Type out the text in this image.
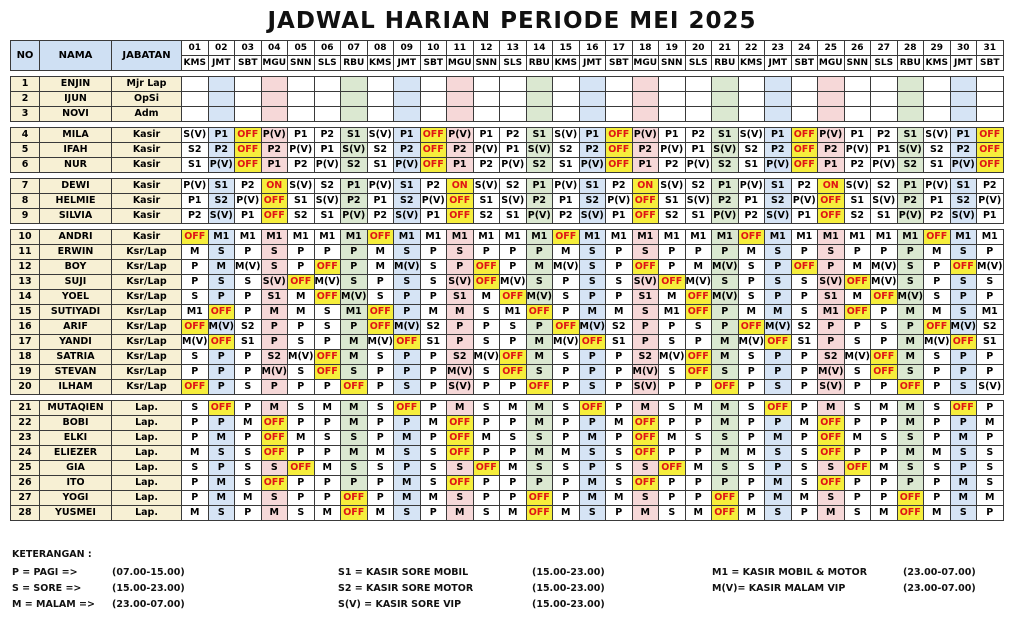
JADWAL HARIAN PERIODE MEI 2025
NO	NAMA	JABATAN	01	02	03	04	05	06	07	08	09	10	11	12	13	14	15	16	17	18	19	20	21	22	23	24	25	26	27	28	29	30	31
			KMS	JMT	SBT	MGU	SNN	SLS	RBU	KMS	JMT	SBT	MGU	SNN	SLS	RBU	KMS	JMT	SBT	MGU	SNN	SLS	RBU	KMS	JMT	SBT	MGU	SNN	SLS	RBU	KMS	JMT	SBT

1	ENJIN	Mjr Lap																															
2	IJUN	OpSi																															
3	NOVI	Adm																															

4	MILA	Kasir	S(V)	P1	OFF	P(V)	P1	P2	S1	S(V)	P1	OFF	P(V)	P1	P2	S1	S(V)	P1	OFF	P(V)	P1	P2	S1	S(V)	P1	OFF	P(V)	P1	P2	S1	S(V)	P1	OFF
5	IFAH	Kasir	S2	P2	OFF	P2	P(V)	P1	S(V)	S2	P2	OFF	P2	P(V)	P1	S(V)	S2	P2	OFF	P2	P(V)	P1	S(V)	S2	P2	OFF	P2	P(V)	P1	S(V)	S2	P2	OFF
6	NUR	Kasir	S1	P(V)	OFF	P1	P2	P(V)	S2	S1	P(V)	OFF	P1	P2	P(V)	S2	S1	P(V)	OFF	P1	P2	P(V)	S2	S1	P(V)	OFF	P1	P2	P(V)	S2	S1	P(V)	OFF

7	DEWI	Kasir	P(V)	S1	P2	ON	S(V)	S2	P1	P(V)	S1	P2	ON	S(V)	S2	P1	P(V)	S1	P2	ON	S(V)	S2	P1	P(V)	S1	P2	ON	S(V)	S2	P1	P(V)	S1	P2
8	HELMIE	Kasir	P1	S2	P(V)	OFF	S1	S(V)	P2	P1	S2	P(V)	OFF	S1	S(V)	P2	P1	S2	P(V)	OFF	S1	S(V)	P2	P1	S2	P(V)	OFF	S1	S(V)	P2	P1	S2	P(V)
9	SILVIA	Kasir	P2	S(V)	P1	OFF	S2	S1	P(V)	P2	S(V)	P1	OFF	S2	S1	P(V)	P2	S(V)	P1	OFF	S2	S1	P(V)	P2	S(V)	P1	OFF	S2	S1	P(V)	P2	S(V)	P1

10	ANDRI	Kasir	OFF	M1	M1	M1	M1	M1	M1	OFF	M1	M1	M1	M1	M1	M1	OFF	M1	M1	M1	M1	M1	M1	OFF	M1	M1	M1	M1	M1	M1	OFF	M1	M1
11	ERWIN	Ksr/Lap	M	S	P	S	P	P	P	M	S	P	S	P	P	P	M	S	P	S	P	P	P	M	S	P	S	P	P	P	M	S	P
12	BOY	Ksr/Lap	P	M	M(V)	S	P	OFF	P	M	M(V)	S	P	OFF	P	M	M(V)	S	P	OFF	P	M	M(V)	S	P	OFF	P	M	M(V)	S	P	OFF	M(V)
13	SUJI	Ksr/Lap	P	S	S	S(V)	OFF	M(V)	S	P	S	S	S(V)	OFF	M(V)	S	P	S	S	S(V)	OFF	M(V)	S	P	S	S	S(V)	OFF	M(V)	S	P	S	S
14	YOEL	Ksr/Lap	S	P	P	S1	M	OFF	M(V)	S	P	P	S1	M	OFF	M(V)	S	P	P	S1	M	OFF	M(V)	S	P	P	S1	M	OFF	M(V)	S	P	P
15	SUTIYADI	Ksr/Lap	M1	OFF	P	M	M	S	M1	OFF	P	M	M	S	M1	OFF	P	M	M	S	M1	OFF	P	M	M	S	M1	OFF	P	M	M	S	M1
16	ARIF	Ksr/Lap	OFF	M(V)	S2	P	P	S	P	OFF	M(V)	S2	P	P	S	P	OFF	M(V)	S2	P	P	S	P	OFF	M(V)	S2	P	P	S	P	OFF	M(V)	S2
17	YANDI	Ksr/Lap	M(V)	OFF	S1	P	S	P	M	M(V)	OFF	S1	P	S	P	M	M(V)	OFF	S1	P	S	P	M	M(V)	OFF	S1	P	S	P	M	M(V)	OFF	S1
18	SATRIA	Ksr/Lap	S	P	P	S2	M(V)	OFF	M	S	P	P	S2	M(V)	OFF	M	S	P	P	S2	M(V)	OFF	M	S	P	P	S2	M(V)	OFF	M	S	P	P
19	STEVAN	Ksr/Lap	P	P	P	M(V)	S	OFF	S	P	P	P	M(V)	S	OFF	S	P	P	P	M(V)	S	OFF	S	P	P	P	M(V)	S	OFF	S	P	P	P
20	ILHAM	Ksr/Lap	OFF	P	S	P	P	P	OFF	P	S	P	S(V)	P	P	OFF	P	S	P	S(V)	P	P	OFF	P	S	P	S(V)	P	P	OFF	P	S	S(V)

21	MUTAQIEN	Lap.	S	OFF	P	M	S	M	M	S	OFF	P	M	S	M	M	S	OFF	P	M	S	M	M	S	OFF	P	M	S	M	M	S	OFF	P
22	BOBI	Lap.	P	P	M	OFF	P	P	M	P	P	M	OFF	P	P	M	P	P	M	OFF	P	P	M	P	P	M	OFF	P	P	M	P	P	M
23	ELKI	Lap.	P	M	P	OFF	M	S	S	P	M	P	OFF	M	S	S	P	M	P	OFF	M	S	S	P	M	P	OFF	M	S	S	P	M	P
24	ELIEZER	Lap.	M	S	S	OFF	P	P	M	M	S	S	OFF	P	P	M	M	S	S	OFF	P	P	M	M	S	S	OFF	P	P	M	M	S	S
25	GIA	Lap.	S	P	S	S	OFF	M	S	S	P	S	S	OFF	M	S	S	P	S	S	OFF	M	S	S	P	S	S	OFF	M	S	S	P	S
26	ITO	Lap.	P	M	S	OFF	P	P	P	P	M	S	OFF	P	P	P	P	M	S	OFF	P	P	P	P	M	S	OFF	P	P	P	P	M	S
27	YOGI	Lap.	P	M	M	S	P	P	OFF	P	M	M	S	P	P	OFF	P	M	M	S	P	P	OFF	P	M	M	S	P	P	OFF	P	M	M
28	YUSMEI	Lap.	M	S	P	M	S	M	OFF	M	S	P	M	S	M	OFF	M	S	P	M	S	M	OFF	M	S	P	M	S	M	OFF	M	S	P
KETERANGAN :
P = PAGI =>	(07.00-15.00)
S = SORE =>	(15.00-23.00)
M = MALAM => (23.00-07.00)
S1 = KASIR SORE MOBIL	(15.00-23.00)
S2 = KASIR SORE MOTOR	(15.00-23.00)
S(V) = KASIR SORE VIP	(15.00-23.00)
M1 = KASIR MOBIL & MOTOR	(23.00-07.00)
M(V)= KASIR MALAM VIP	(23.00-07.00)
